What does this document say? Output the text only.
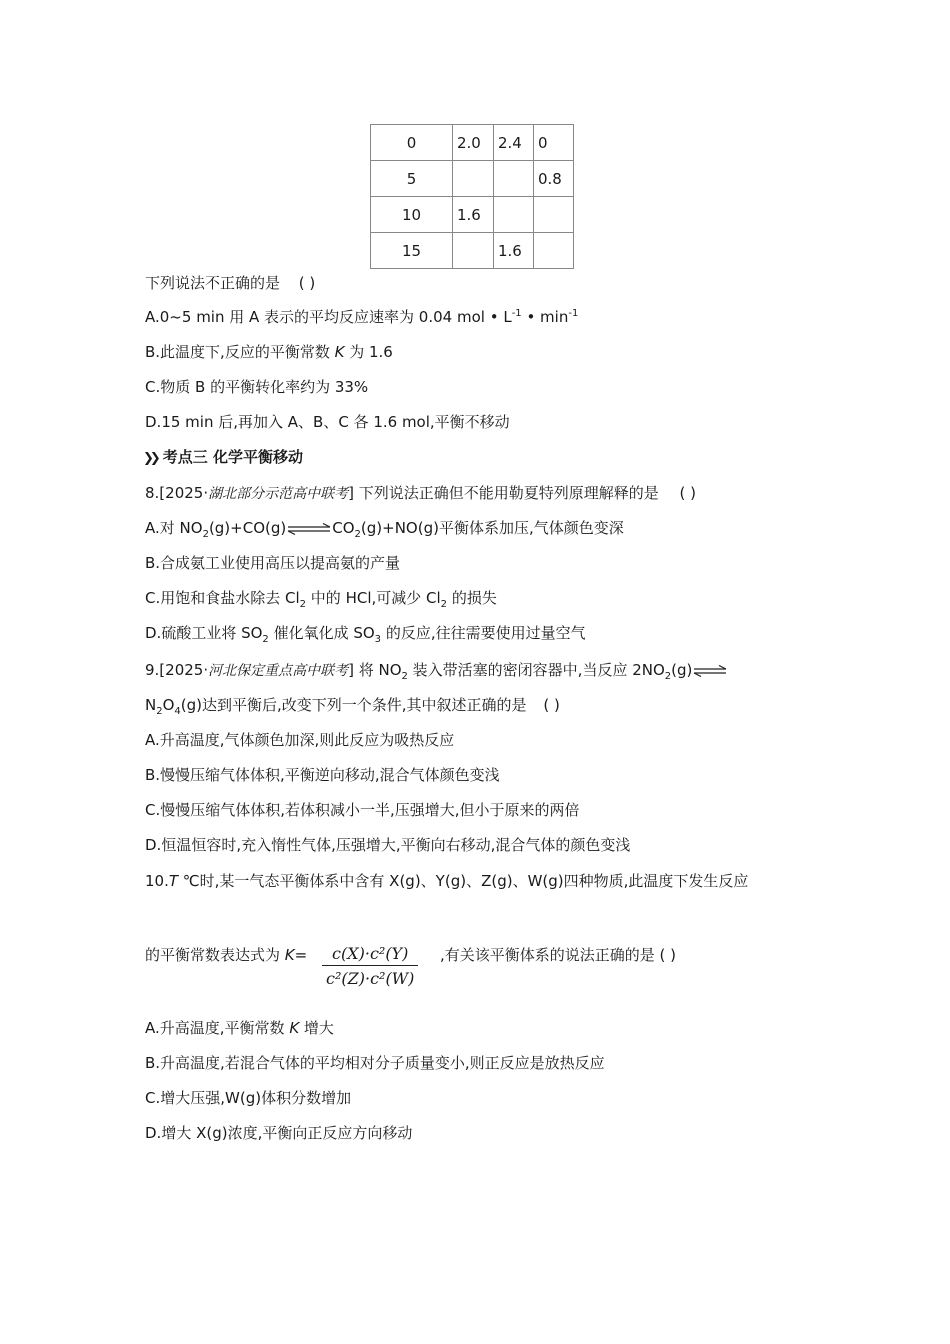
0	2.0	2.4	0
5			0.8
10	1.6		
15		1.6	
下列说法不正确的是 ( )
A.0~5 min 用 A 表示的平均反应速率为 0.04 mol • $L^{-1}$ • $\min^{-1}$
B.此温度下,反应的平衡常数 K 为 1.6
C.物质 B 的平衡转化率约为 33%
D.15 min 后,再加入 A、B、C 各 1.6 mol,平衡不移动
❯❯ 考点三 化学平衡移动
8.[2025·湖北部分示范高中联考] 下列说法正确但不能用勒夏特列原理解释的是 ( )
A.对 $NO_2(g)+CO(g)\rightleftharpoons CO_2(g)+NO(g)$平衡体系加压,气体颜色变深
B.合成氨工业使用高压以提高氨的产量
C.用饱和食盐水除去 $Cl_2$ 中的 HCl,可减少 $Cl_2$ 的损失
D.硫酸工业将 $SO_2$ 催化氧化成 $SO_3$ 的反应,往往需要使用过量空气
9.[2025·河北保定重点高中联考] 将 $NO_2$ 装入带活塞的密闭容器中,当反应 $2NO_2(g)\rightleftharpoons$
$N_2O_4(g)$达到平衡后,改变下列一个条件,其中叙述正确的是 ( )
A.升高温度,气体颜色加深,则此反应为吸热反应
B.慢慢压缩气体体积,平衡逆向移动,混合气体颜色变浅
C.慢慢压缩气体体积,若体积减小一半,压强增大,但小于原来的两倍
D.恒温恒容时,充入惰性气体,压强增大,平衡向右移动,混合气体的颜色变浅
10.T ℃时,某一气态平衡体系中含有 X(g)、Y(g)、Z(g)、W(g)四种物质,此温度下发生反应
的平衡常数表达式为 $K= \frac{\text{c(X)·c²(Y)}}{\text{c²(Z)·c²(W)}}$ ,有关该平衡体系的说法正确的是 ( )
A.升高温度,平衡常数 K 增大
B.升高温度,若混合气体的平均相对分子质量变小,则正反应是放热反应
C.增大压强,W(g)体积分数增加
D.增大 X(g)浓度,平衡向正反应方向移动
